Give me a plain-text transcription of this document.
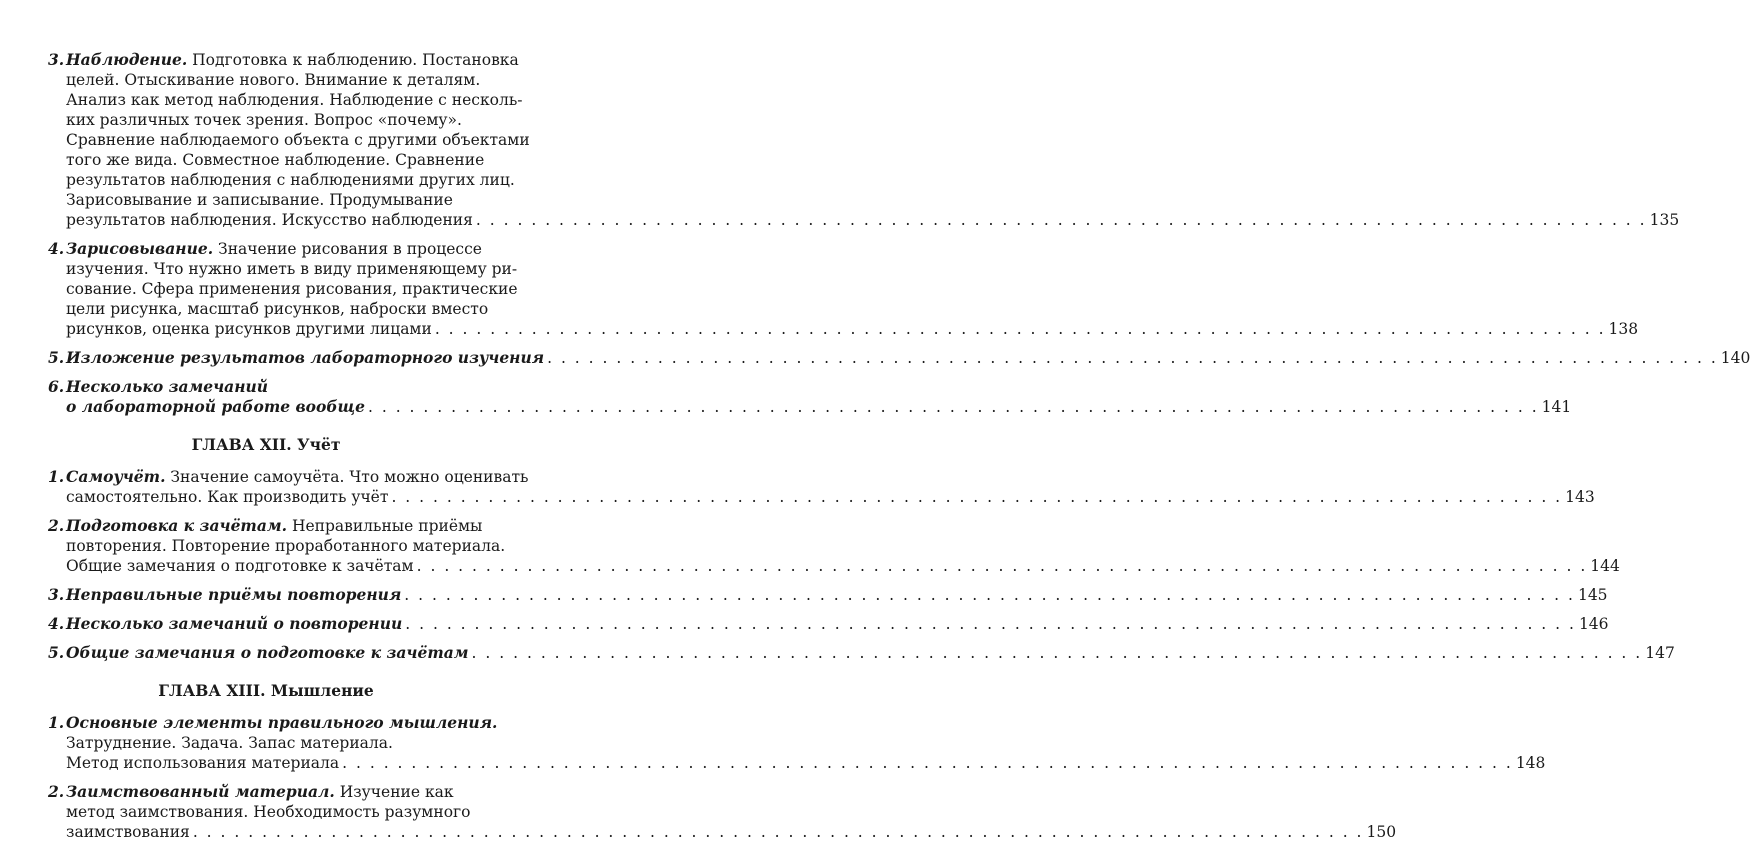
3. Наблюдение. Подготовка к наблюдению. Постановка
целей. Отыскивание нового. Внимание к деталям.
Анализ как метод наблюдения. Наблюдение с несколь-
ких различных точек зрения. Вопрос «почему».
Сравнение наблюдаемого объекта с другими объектами
того же вида. Совместное наблюдение. Сравнение
результатов наблюдения с наблюдениями других лиц.
Зарисовывание и записывание. Продумывание
результатов наблюдения. Искусство наблюдения . . .	135
4. Зарисовывание. Значение рисования в процессе
изучения. Что нужно иметь в виду применяющему ри-
сование. Сфера применения рисования, практические
цели рисунка, масштаб рисунков, наброски вместо
рисунков, оценка рисунков другими лицами . . .	138
5. Изложение результатов лабораторного изучения . . .	140
6. Несколько замечаний
о лабораторной работе вообще . . .	141
ГЛАВА XII. Учёт
1. Самоучёт. Значение самоучёта. Что можно оценивать
самостоятельно. Как производить учёт . . .	143
2. Подготовка к зачётам. Неправильные приёмы
повторения. Повторение проработанного материала.
Общие замечания о подготовке к зачётам . . .	144
3. Неправильные приёмы повторения . . .	145
4. Несколько замечаний о повторении . . .	146
5. Общие замечания о подготовке к зачётам . . .	147
ГЛАВА XIII. Мышление
1. Основные элементы правильного мышления.
Затруднение. Задача. Запас материала.
Метод использования материала . . .	148
2. Заимствованный материал. Изучение как
метод заимствования. Необходимость разумного
заимствования . . .	150
